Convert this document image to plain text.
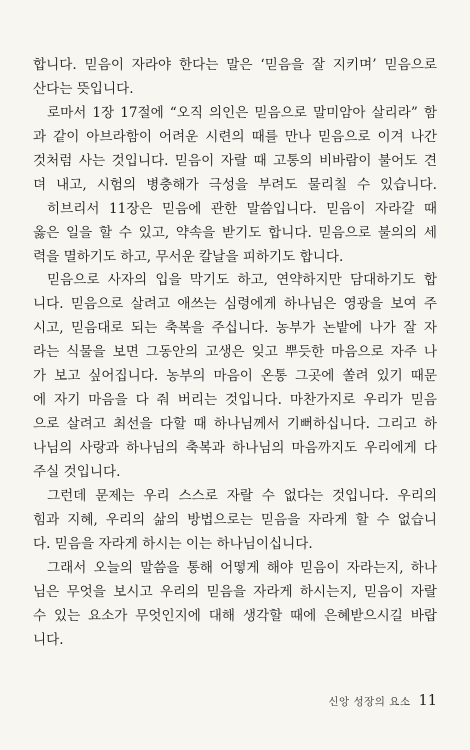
합니다. 믿음이 자라야 한다는 말은 ‘믿음을 잘 지키며’ 믿음으로
산다는 뜻입니다.
로마서 1장 17절에 “오직 의인은 믿음으로 말미암아 살리라” 함
과 같이 아브라함이 어려운 시련의 때를 만나 믿음으로 이겨 나간
것처럼 사는 것입니다. 믿음이 자랄 때 고통의 비바람이 불어도 견
뎌 내고, 시험의 병충해가 극성을 부려도 물리칠 수 있습니다.
히브리서 11장은 믿음에 관한 말씀입니다. 믿음이 자라갈 때
옳은 일을 할 수 있고, 약속을 받기도 합니다. 믿음으로 불의의 세
력을 멸하기도 하고, 무서운 칼날을 피하기도 합니다.
믿음으로 사자의 입을 막기도 하고, 연약하지만 담대하기도 합
니다. 믿음으로 살려고 애쓰는 심령에게 하나님은 영광을 보여 주
시고, 믿음대로 되는 축복을 주십니다. 농부가 논밭에 나가 잘 자
라는 식물을 보면 그동안의 고생은 잊고 뿌듯한 마음으로 자주 나
가 보고 싶어집니다. 농부의 마음이 온통 그곳에 쏠려 있기 때문
에 자기 마음을 다 줘 버리는 것입니다. 마찬가지로 우리가 믿음
으로 살려고 최선을 다할 때 하나님께서 기뻐하십니다. 그리고 하
나님의 사랑과 하나님의 축복과 하나님의 마음까지도 우리에게 다
주실 것입니다.
그런데 문제는 우리 스스로 자랄 수 없다는 것입니다. 우리의
힘과 지혜, 우리의 삶의 방법으로는 믿음을 자라게 할 수 없습니
다. 믿음을 자라게 하시는 이는 하나님이십니다.
그래서 오늘의 말씀을 통해 어떻게 해야 믿음이 자라는지, 하나
님은 무엇을 보시고 우리의 믿음을 자라게 하시는지, 믿음이 자랄
수 있는 요소가 무엇인지에 대해 생각할 때에 은혜받으시길 바랍
니다.
신앙 성장의 요소 11
